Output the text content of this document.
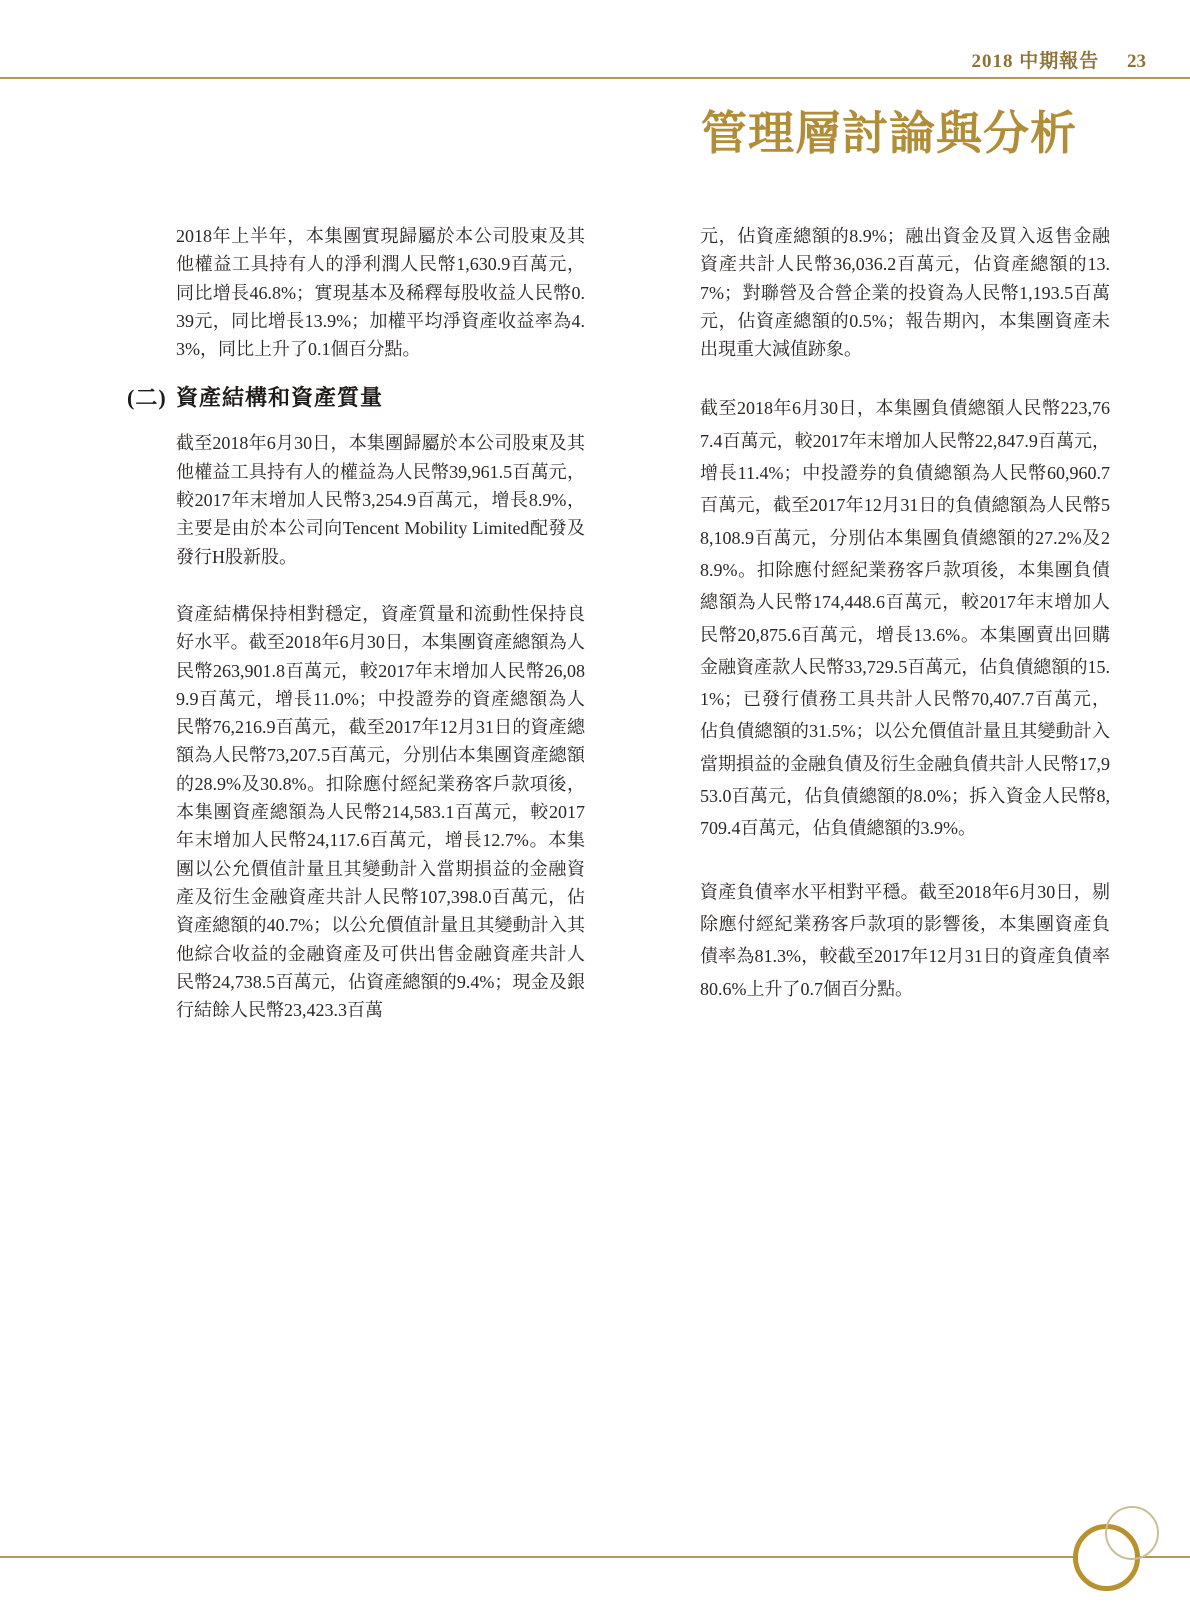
2018 中期報告 23
管理層討論與分析

2018年上半年，本集團實現歸屬於本公司股東及其他權益工具持有人的淨利潤人民幣1,630.9百萬元，同比增長46.8%；實現基本及稀釋每股收益人民幣0.39元，同比增長13.9%；加權平均淨資產收益率為4.3%，同比上升了0.1個百分點。

(二) 資產結構和資產質量

截至2018年6月30日，本集團歸屬於本公司股東及其他權益工具持有人的權益為人民幣39,961.5百萬元，較2017年末增加人民幣3,254.9百萬元，增長8.9%，主要是由於本公司向Tencent Mobility Limited配發及發行H股新股。

資產結構保持相對穩定，資產質量和流動性保持良好水平。截至2018年6月30日，本集團資產總額為人民幣263,901.8百萬元，較2017年末增加人民幣26,089.9百萬元，增長11.0%；中投證券的資產總額為人民幣76,216.9百萬元，截至2017年12月31日的資產總額為人民幣73,207.5百萬元，分別佔本集團資產總額的28.9%及30.8%。扣除應付經紀業務客戶款項後，本集團資產總額為人民幣214,583.1百萬元，較2017年末增加人民幣24,117.6百萬元，增長12.7%。本集團以公允價值計量且其變動計入當期損益的金融資產及衍生金融資產共計人民幣107,398.0百萬元，佔資產總額的40.7%；以公允價值計量且其變動計入其他綜合收益的金融資產及可供出售金融資產共計人民幣24,738.5百萬元，佔資產總額的9.4%；現金及銀行結餘人民幣23,423.3百萬

元，佔資產總額的8.9%；融出資金及買入返售金融資產共計人民幣36,036.2百萬元，佔資產總額的13.7%；對聯營及合營企業的投資為人民幣1,193.5百萬元，佔資產總額的0.5%；報告期內，本集團資產未出現重大減值跡象。

截至2018年6月30日，本集團負債總額人民幣223,767.4百萬元，較2017年末增加人民幣22,847.9百萬元，增長11.4%；中投證券的負債總額為人民幣60,960.7百萬元，截至2017年12月31日的負債總額為人民幣58,108.9百萬元，分別佔本集團負債總額的27.2%及28.9%。扣除應付經紀業務客戶款項後，本集團負債總額為人民幣174,448.6百萬元，較2017年末增加人民幣20,875.6百萬元，增長13.6%。本集團賣出回購金融資產款人民幣33,729.5百萬元，佔負債總額的15.1%；已發行債務工具共計人民幣70,407.7百萬元，佔負債總額的31.5%；以公允價值計量且其變動計入當期損益的金融負債及衍生金融負債共計人民幣17,953.0百萬元，佔負債總額的8.0%；拆入資金人民幣8,709.4百萬元，佔負債總額的3.9%。

資產負債率水平相對平穩。截至2018年6月30日，剔除應付經紀業務客戶款項的影響後，本集團資產負債率為81.3%，較截至2017年12月31日的資產負債率80.6%上升了0.7個百分點。
